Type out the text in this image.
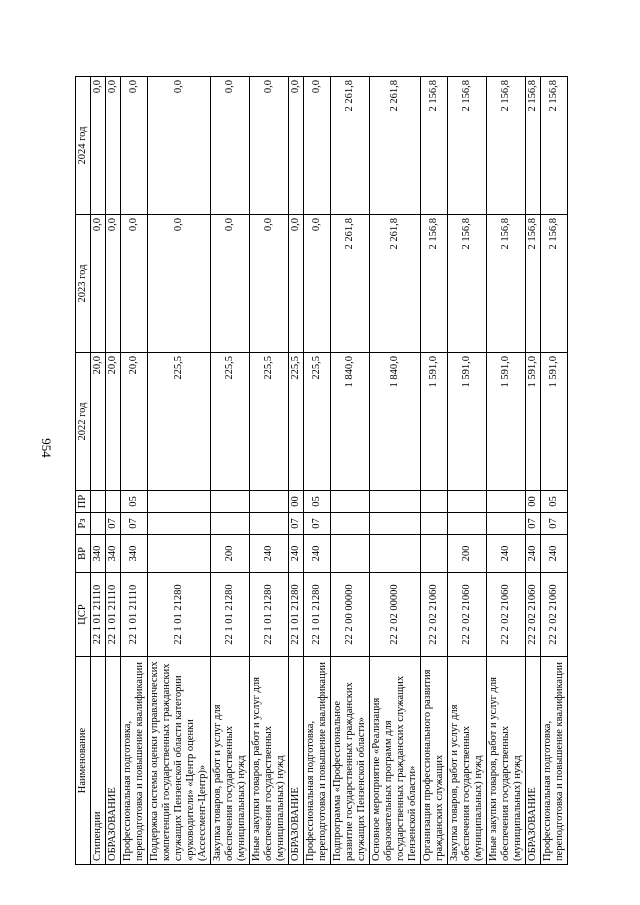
954
Наименование	ЦСР	ВР	Рз	ПР	2022 год	2023 год	2024 год
Стипендии	22 1 01 21110	340			20,0	0,0	0,0
ОБРАЗОВАНИЕ	22 1 01 21110	340	07		20,0	0,0	0,0
Профессиональная подготовка, переподготовка и повышение квалификации	22 1 01 21110	340	07	05	20,0	0,0	0,0
Поддержка системы оценки управленческих компетенций государственных гражданских служащих Пензенской области категории «руководители» «Центр оценки (Ассессмент-Центр)»	22 1 01 21280				225,5	0,0	0,0
Закупка товаров, работ и услуг для обеспечения государственных (муниципальных) нужд	22 1 01 21280	200			225,5	0,0	0,0
Иные закупки товаров, работ и услуг для обеспечения государственных (муниципальных) нужд	22 1 01 21280	240			225,5	0,0	0,0
ОБРАЗОВАНИЕ	22 1 01 21280	240	07	00	225,5	0,0	0,0
Профессиональная подготовка, переподготовка и повышение квалификации	22 1 01 21280	240	07	05	225,5	0,0	0,0
Подпрограмма «Профессиональное развитие государственных гражданских служащих Пензенской области»	22 2 00 00000				1 840,0	2 261,8	2 261,8
Основное мероприятие «Реализация образовательных программ для государственных гражданских служащих Пензенской области»	22 2 02 00000				1 840,0	2 261,8	2 261,8
Организация профессионального развития гражданских служащих	22 2 02 21060				1 591,0	2 156,8	2 156,8
Закупка товаров, работ и услуг для обеспечения государственных (муниципальных) нужд	22 2 02 21060	200			1 591,0	2 156,8	2 156,8
Иные закупки товаров, работ и услуг для обеспечения государственных (муниципальных) нужд	22 2 02 21060	240			1 591,0	2 156,8	2 156,8
ОБРАЗОВАНИЕ	22 2 02 21060	240	07	00	1 591,0	2 156,8	2 156,8
Профессиональная подготовка, переподготовка и повышение квалификации	22 2 02 21060	240	07	05	1 591,0	2 156,8	2 156,8
